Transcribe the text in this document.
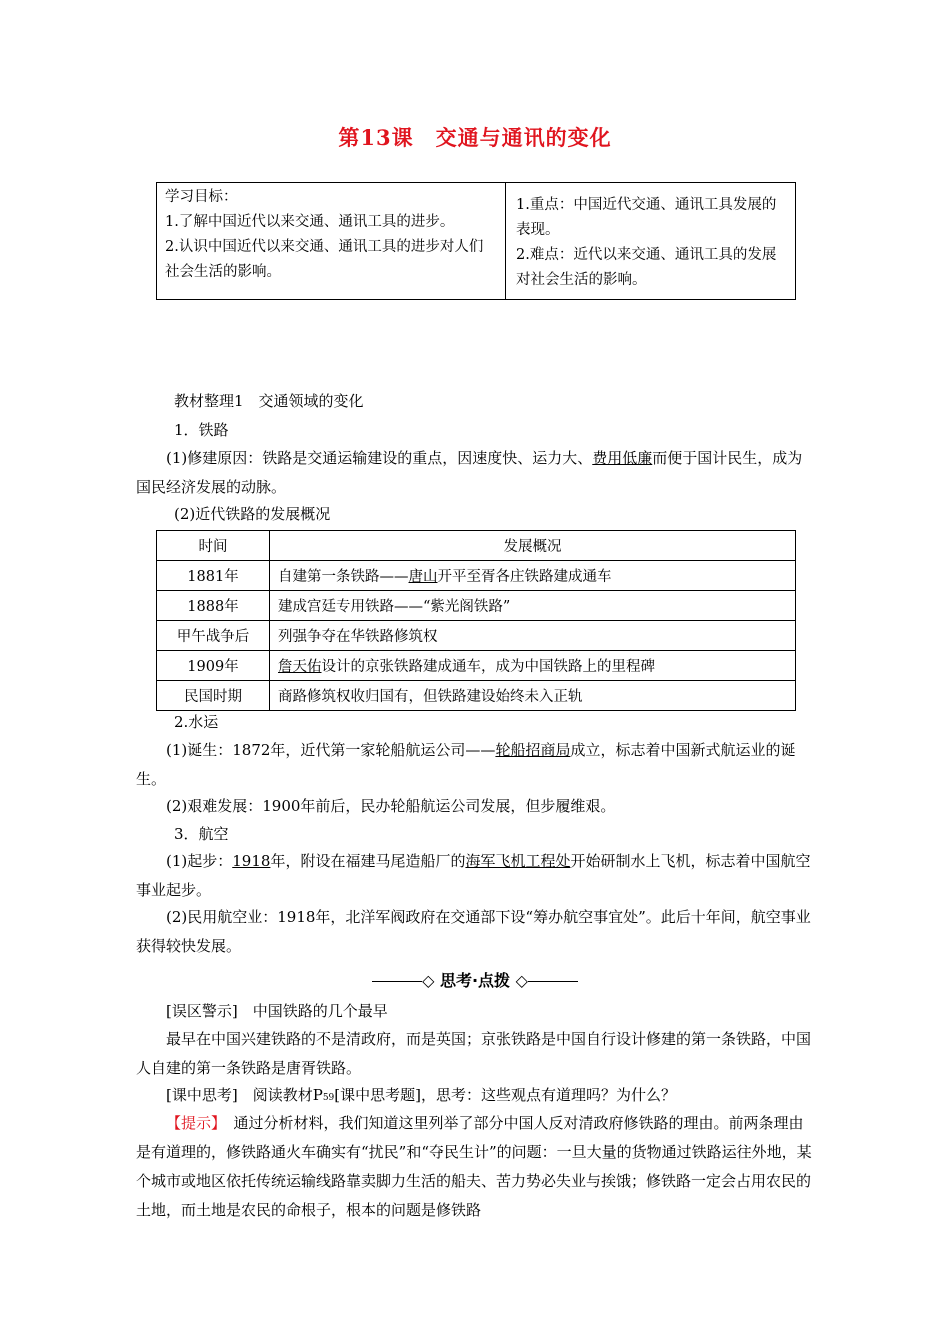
第13课　交通与通讯的变化
学习目标：
1.了解中国近代以来交通、通讯工具的进步。
2.认识中国近代以来交通、通讯工具的进步对人们社会生活的影响。

1.重点：中国近代交通、通讯工具发展的表现。
2.难点：近代以来交通、通讯工具的发展对社会生活的影响。
教材整理1　交通领域的变化
1．铁路
(1)修建原因：铁路是交通运输建设的重点，因速度快、运力大、费用低廉而便于国计民生，成为国民经济发展的动脉。
(2)近代铁路的发展概况
时间	发展概况
1881年	自建第一条铁路——唐山开平至胥各庄铁路建成通车
1888年	建成宫廷专用铁路——“紫光阁铁路”
甲午战争后	列强争夺在华铁路修筑权
1909年	詹天佑设计的京张铁路建成通车，成为中国铁路上的里程碑
民国时期	商路修筑权收归国有，但铁路建设始终未入正轨
2.水运
(1)诞生：1872年，近代第一家轮船航运公司——轮船招商局成立，标志着中国新式航运业的诞生。
(2)艰难发展：1900年前后，民办轮船航运公司发展，但步履维艰。
3．航空
(1)起步：1918年，附设在福建马尾造船厂的海军飞机工程处开始研制水上飞机，标志着中国航空事业起步。
(2)民用航空业：1918年，北洋军阀政府在交通部下设“筹办航空事宜处”。此后十年间，航空事业获得较快发展。
◇ 思考·点拨 ◇
[误区警示]　中国铁路的几个最早
最早在中国兴建铁路的不是清政府，而是英国；京张铁路是中国自行设计修建的第一条铁路，中国人自建的第一条铁路是唐胥铁路。
[课中思考]　阅读教材P59[课中思考题]，思考：这些观点有道理吗？为什么？
【提示】　通过分析材料，我们知道这里列举了部分中国人反对清政府修铁路的理由。前两条理由是有道理的，修铁路通火车确实有“扰民”和“夺民生计”的问题：一旦大量的货物通过铁路运往外地，某个城市或地区依托传统运输线路靠卖脚力生活的船夫、苦力势必失业与挨饿；修铁路一定会占用农民的土地，而土地是农民的命根子，根本的问题是修铁路
